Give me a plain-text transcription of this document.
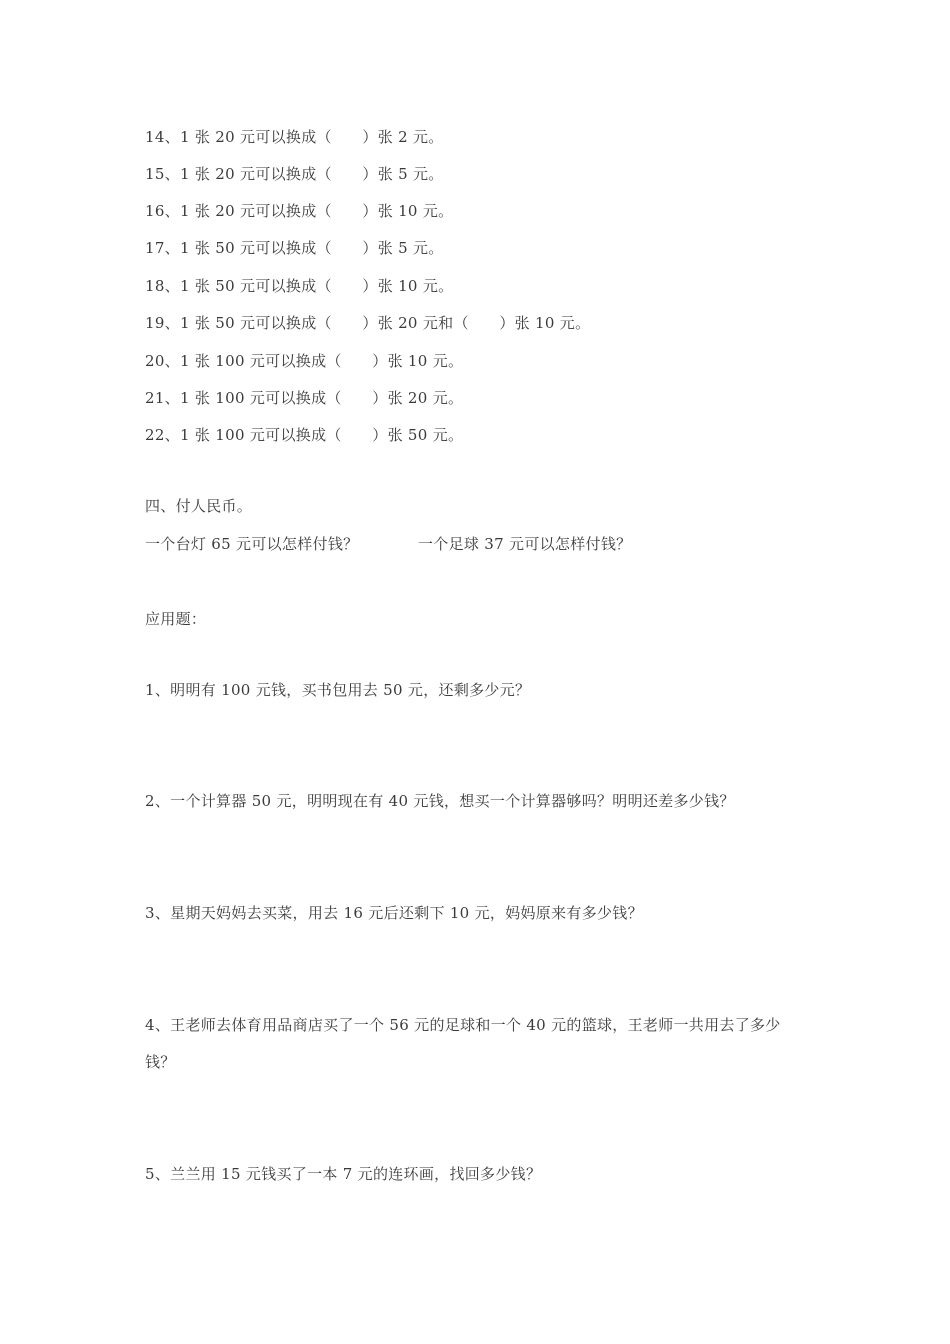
14、1 张 20 元可以换成（　　）张 2 元。
15、1 张 20 元可以换成（　　）张 5 元。
16、1 张 20 元可以换成（　　）张 10 元。
17、1 张 50 元可以换成（　　）张 5 元。
18、1 张 50 元可以换成（　　）张 10 元。
19、1 张 50 元可以换成（　　）张 20 元和（　　）张 10 元。
20、1 张 100 元可以换成（　　）张 10 元。
21、1 张 100 元可以换成（　　）张 20 元。
22、1 张 100 元可以换成（　　）张 50 元。
四、付人民币。
一个台灯 65 元可以怎样付钱？	一个足球 37 元可以怎样付钱？
应用题：
1、明明有 100 元钱，买书包用去 50 元，还剩多少元？
2、一个计算器 50 元，明明现在有 40 元钱，想买一个计算器够吗？明明还差多少钱？
3、星期天妈妈去买菜，用去 16 元后还剩下 10 元，妈妈原来有多少钱？
4、王老师去体育用品商店买了一个 56 元的足球和一个 40 元的篮球，王老师一共用去了多少
钱？
5、兰兰用 15 元钱买了一本 7 元的连环画，找回多少钱？
